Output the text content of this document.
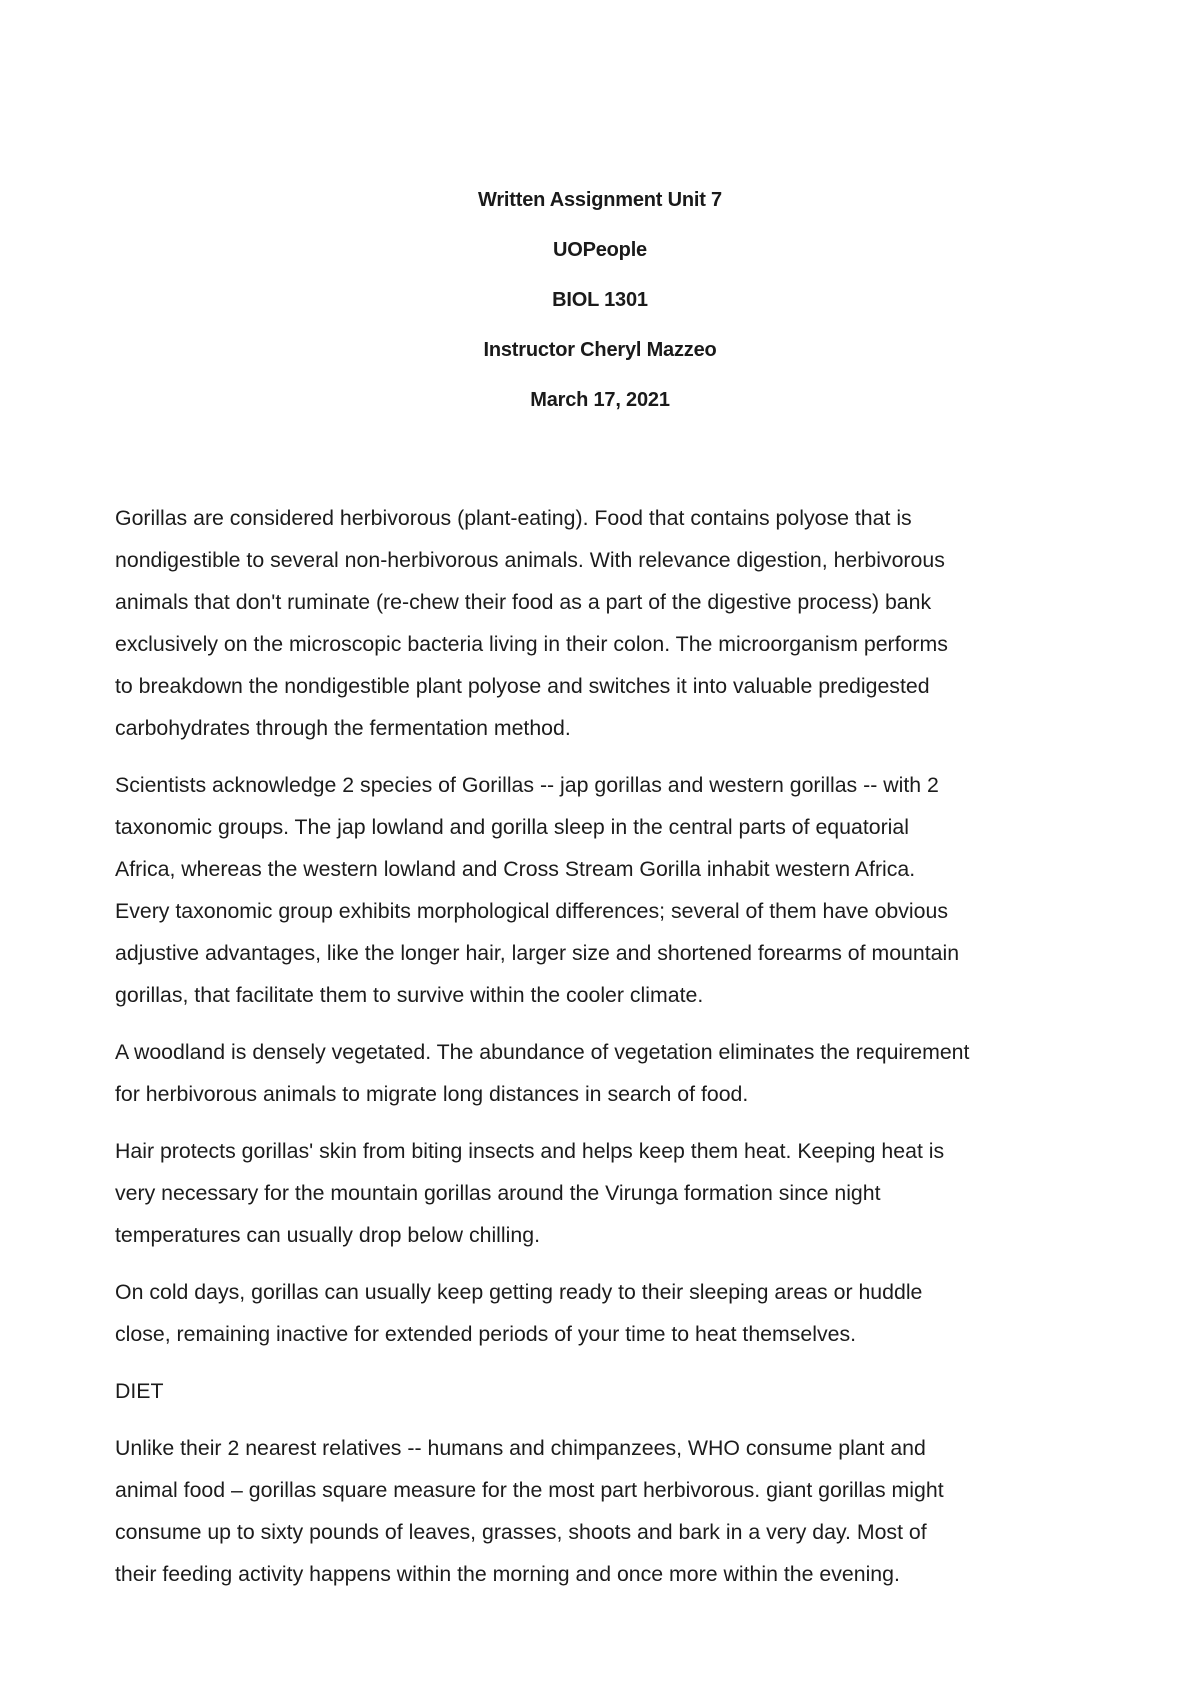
Written Assignment Unit 7
UOPeople
BIOL 1301
Instructor Cheryl Mazzeo
March 17, 2021

Gorillas are considered herbivorous (plant-eating). Food that contains polyose that is
nondigestible to several non-herbivorous animals. With relevance digestion, herbivorous
animals that don't ruminate (re-chew their food as a part of the digestive process) bank
exclusively on the microscopic bacteria living in their colon. The microorganism performs
to breakdown the nondigestible plant polyose and switches it into valuable predigested
carbohydrates through the fermentation method.

Scientists acknowledge 2 species of Gorillas -- jap gorillas and western gorillas -- with 2
taxonomic groups. The jap lowland and gorilla sleep in the central parts of equatorial
Africa, whereas the western lowland and Cross Stream Gorilla inhabit western Africa.
Every taxonomic group exhibits morphological differences; several of them have obvious
adjustive advantages, like the longer hair, larger size and shortened forearms of mountain
gorillas, that facilitate them to survive within the cooler climate.

A woodland is densely vegetated. The abundance of vegetation eliminates the requirement
for herbivorous animals to migrate long distances in search of food.

Hair protects gorillas' skin from biting insects and helps keep them heat. Keeping heat is
very necessary for the mountain gorillas around the Virunga formation since night
temperatures can usually drop below chilling.

On cold days, gorillas can usually keep getting ready to their sleeping areas or huddle
close, remaining inactive for extended periods of your time to heat themselves.

DIET

Unlike their 2 nearest relatives -- humans and chimpanzees, WHO consume plant and
animal food – gorillas square measure for the most part herbivorous. giant gorillas might
consume up to sixty pounds of leaves, grasses, shoots and bark in a very day. Most of
their feeding activity happens within the morning and once more within the evening.
